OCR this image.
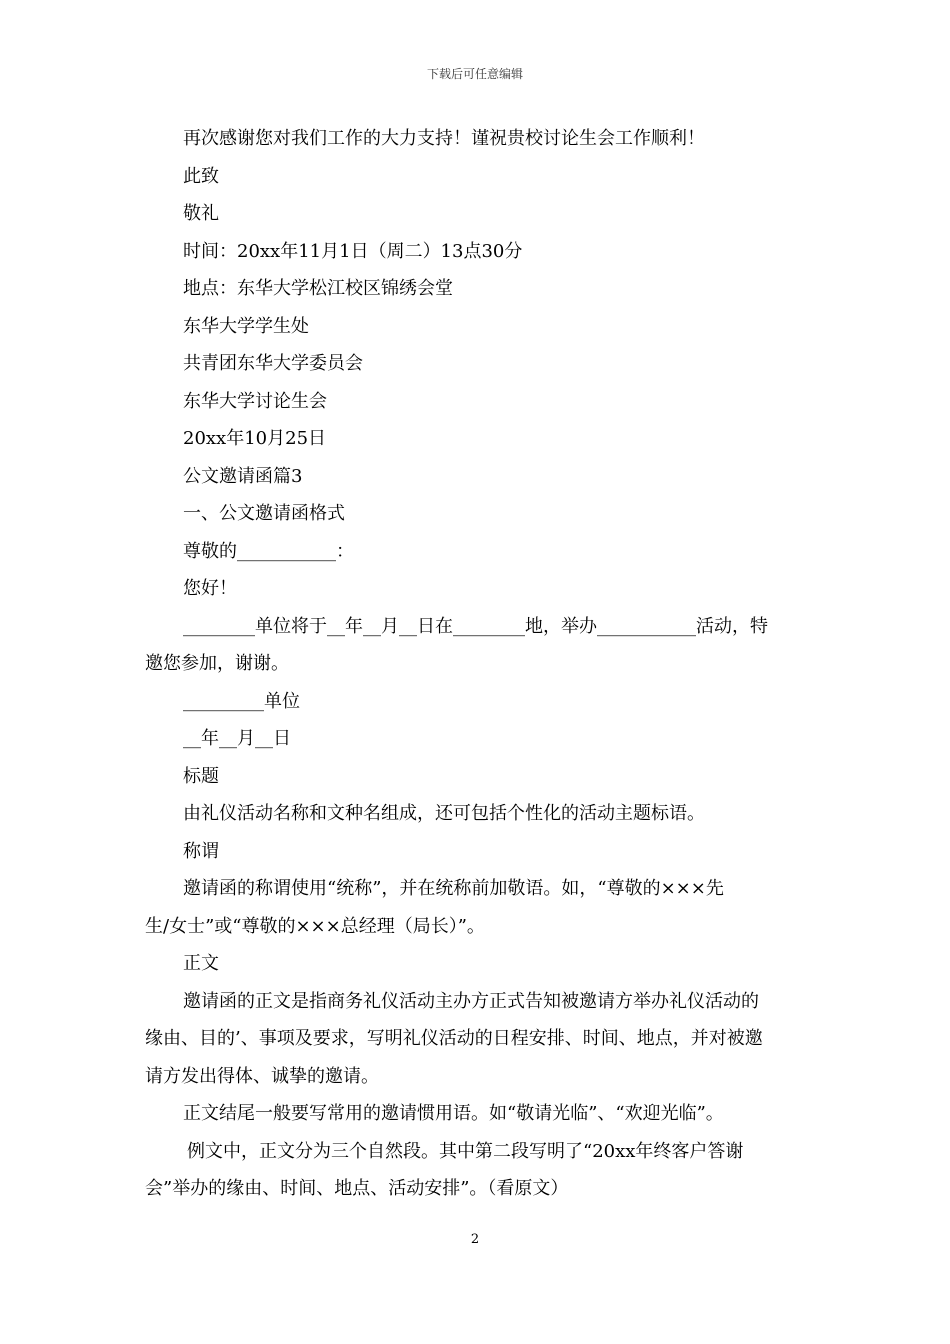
下载后可任意编辑
再次感谢您对我们工作的大力支持！谨祝贵校讨论生会工作顺利！
此致
敬礼
时间：20xx年11月1日（周二）13点30分
地点：东华大学松江校区锦绣会堂
东华大学学生处
共青团东华大学委员会
东华大学讨论生会
20xx年10月25日
公文邀请函篇3
一、公文邀请函格式
尊敬的___________：
您好！
________单位将于__年__月__日在________地，举办___________活动，特
邀您参加，谢谢。
_________单位
__年__月__日
标题
由礼仪活动名称和文种名组成，还可包括个性化的活动主题标语。
称谓
邀请函的称谓使用“统称”，并在统称前加敬语。如，“尊敬的×××先
生/女士”或“尊敬的×××总经理（局长）”。
正文
邀请函的正文是指商务礼仪活动主办方正式告知被邀请方举办礼仪活动的
缘由、目的’、事项及要求，写明礼仪活动的日程安排、时间、地点，并对被邀
请方发出得体、诚挚的邀请。
正文结尾一般要写常用的邀请惯用语。如“敬请光临”、“欢迎光临”。
例文中，正文分为三个自然段。其中第二段写明了“20xx年终客户答谢
会”举办的缘由、时间、地点、活动安排”。（看原文）
2
